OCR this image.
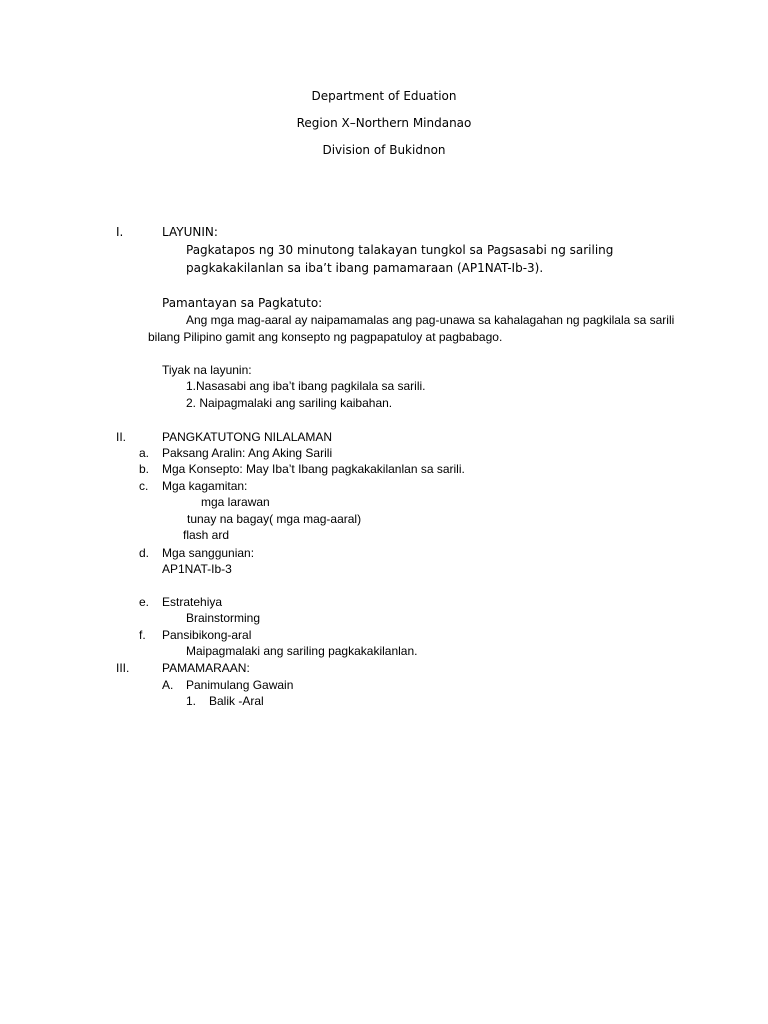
Department of Eduation
Region X–Northern Mindanao
Division of Bukidnon
I.	LAYUNIN:
Pagkatapos ng 30 minutong talakayan tungkol sa Pagsasabi ng sariling
pagkakakilanlan sa iba’t ibang pamamaraan (AP1NAT-Ib-3).
Pamantayan sa Pagkatuto:
Ang mga mag-aaral ay naipamamalas ang pag-unawa sa kahalagahan ng pagkilala sa sarili
bilang Pilipino gamit ang konsepto ng pagpapatuloy at pagbabago.
Tiyak na layunin:
1.Nasasabi ang iba’t ibang pagkilala sa sarili.
2. Naipagmalaki ang sariling kaibahan.
II.	PANGKATUTONG NILALAMAN
a. Paksang Aralin: Ang Aking Sarili
b. Mga Konsepto: May Iba’t Ibang pagkakakilanlan sa sarili.
c. Mga kagamitan:
mga larawan
tunay na bagay( mga mag-aaral)
flash ard
d. Mga sanggunian:
AP1NAT-Ib-3
e. Estratehiya
Brainstorming
f. Pansibikong-aral
Maipagmalaki ang sariling pagkakakilanlan.
III.	PAMAMARAAN:
A. Panimulang Gawain
1. Balik -Aral
